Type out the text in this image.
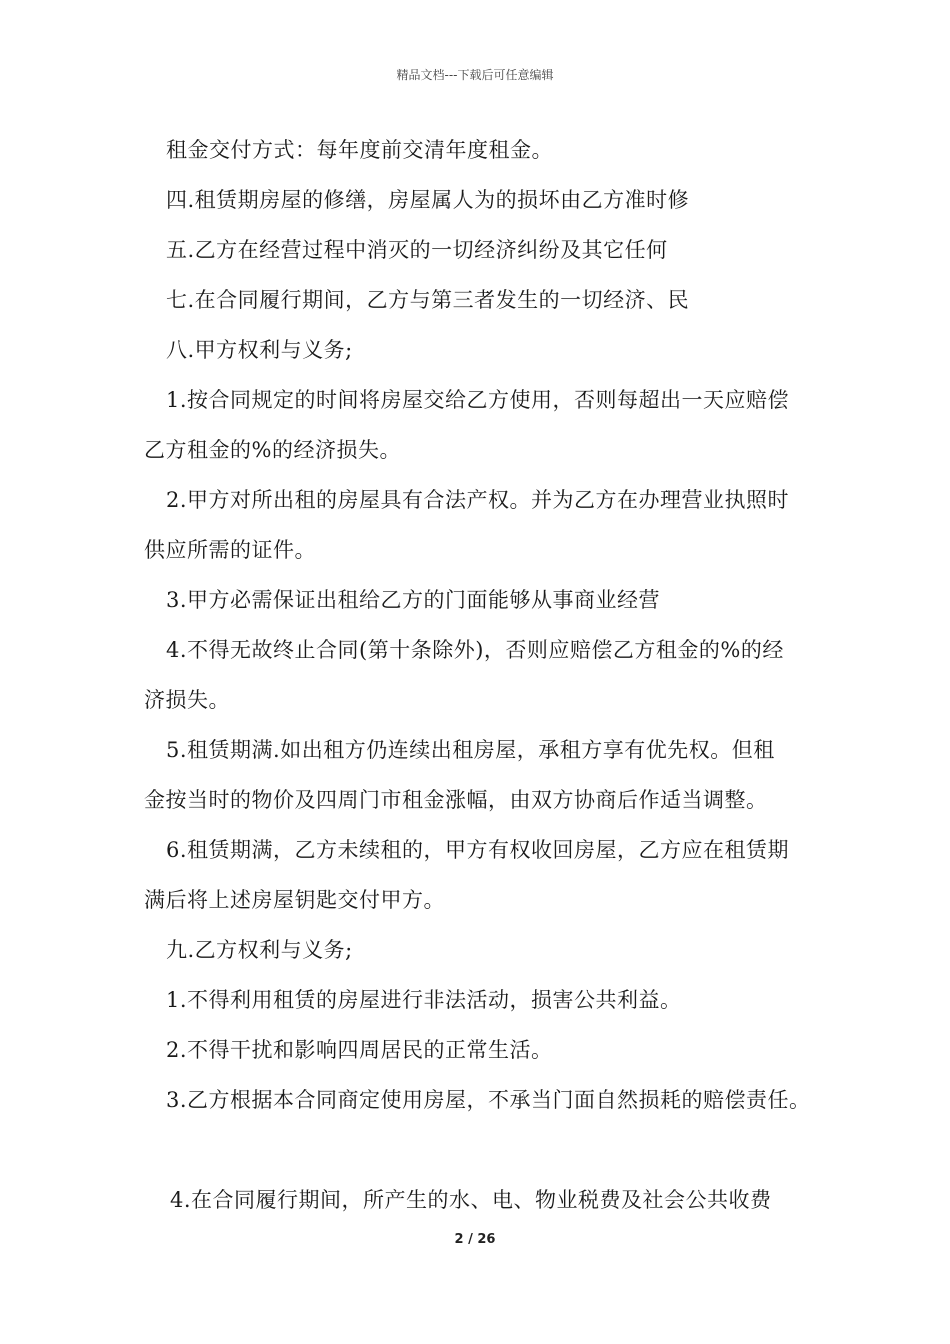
精品文档---下载后可任意编辑
租金交付方式：每年度前交清年度租金。
四.租赁期房屋的修缮，房屋属人为的损坏由乙方准时修
五.乙方在经营过程中消灭的一切经济纠纷及其它任何
七.在合同履行期间，乙方与第三者发生的一切经济、民
八.甲方权利与义务;
1.按合同规定的时间将房屋交给乙方使用，否则每超出一天应赔偿
乙方租金的%的经济损失。
2.甲方对所出租的房屋具有合法产权。并为乙方在办理营业执照时
供应所需的证件。
3.甲方必需保证出租给乙方的门面能够从事商业经营
4.不得无故终止合同(第十条除外)，否则应赔偿乙方租金的%的经
济损失。
5.租赁期满.如出租方仍连续出租房屋，承租方享有优先权。但租
金按当时的物价及四周门市租金涨幅，由双方协商后作适当调整。
6.租赁期满，乙方未续租的，甲方有权收回房屋，乙方应在租赁期
满后将上述房屋钥匙交付甲方。
九.乙方权利与义务;
1.不得利用租赁的房屋进行非法活动，损害公共利益。
2.不得干扰和影响四周居民的正常生活。
3.乙方根据本合同商定使用房屋，不承当门面自然损耗的赔偿责任。
4.在合同履行期间，所产生的水、电、物业税费及社会公共收费
2 / 26
